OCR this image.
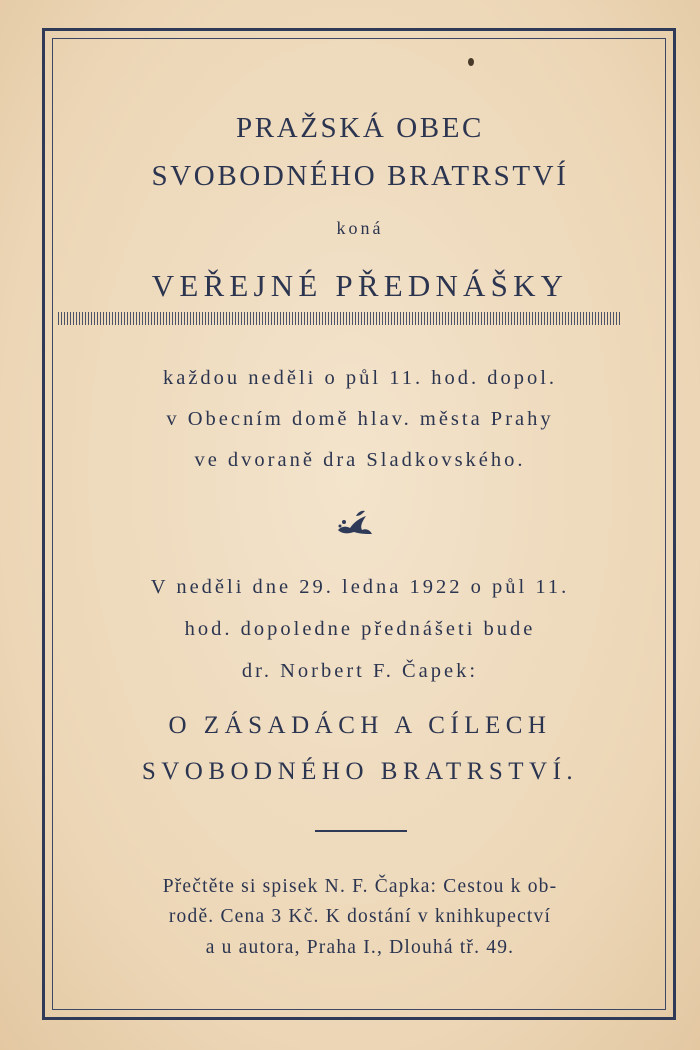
PRAŽSKÁ OBEC
SVOBODNÉHO BRATRSTVÍ
koná
VEŘEJNÉ PŘEDNÁŠKY
každou neděli o půl 11. hod. dopol.
v Obecním domě hlav. města Prahy
ve dvoraně dra Sladkovského.
V neděli dne 29. ledna 1922 o půl 11.
hod. dopoledne přednášeti bude
dr. Norbert F. Čapek:
O ZÁSADÁCH A CÍLECH
SVOBODNÉHO BRATRSTVÍ.
Přečtěte si spisek N. F. Čapka: Cestou k ob-
rodě. Cena 3 Kč. K dostání v knihkupectví
a u autora, Praha I., Dlouhá tř. 49.
